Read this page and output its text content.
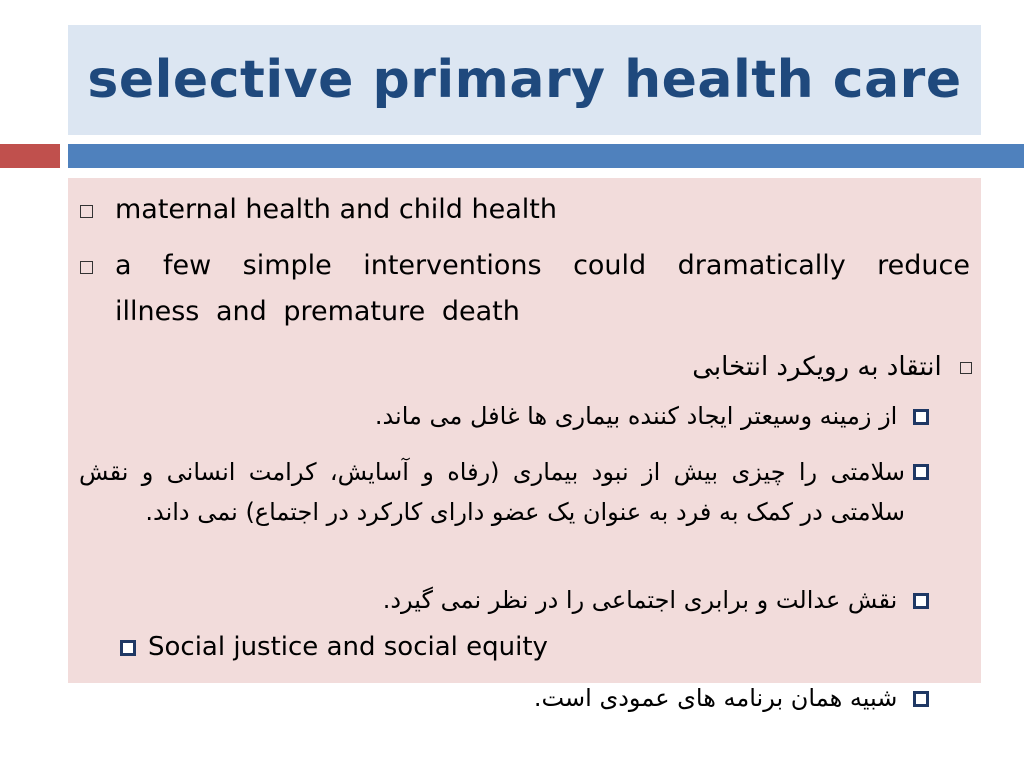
selective primary health care
maternal health and child health
a few simple interventions could dramatically reduce illness and premature death
انتقاد به رویکرد انتخابی
از زمینه وسیعتر ایجاد کننده بیماری ها غافل می ماند.
سلامتی را چیزی بیش از نبود بیماری (رفاه و آسایش، کرامت انسانی و نقش سلامتی در کمک به فرد به عنوان یک عضو دارای کارکرد در اجتماع) نمی داند.
نقش عدالت و برابری اجتماعی را در نظر نمی گیرد.
Social justice and social equity
شبیه همان برنامه های عمودی است.
